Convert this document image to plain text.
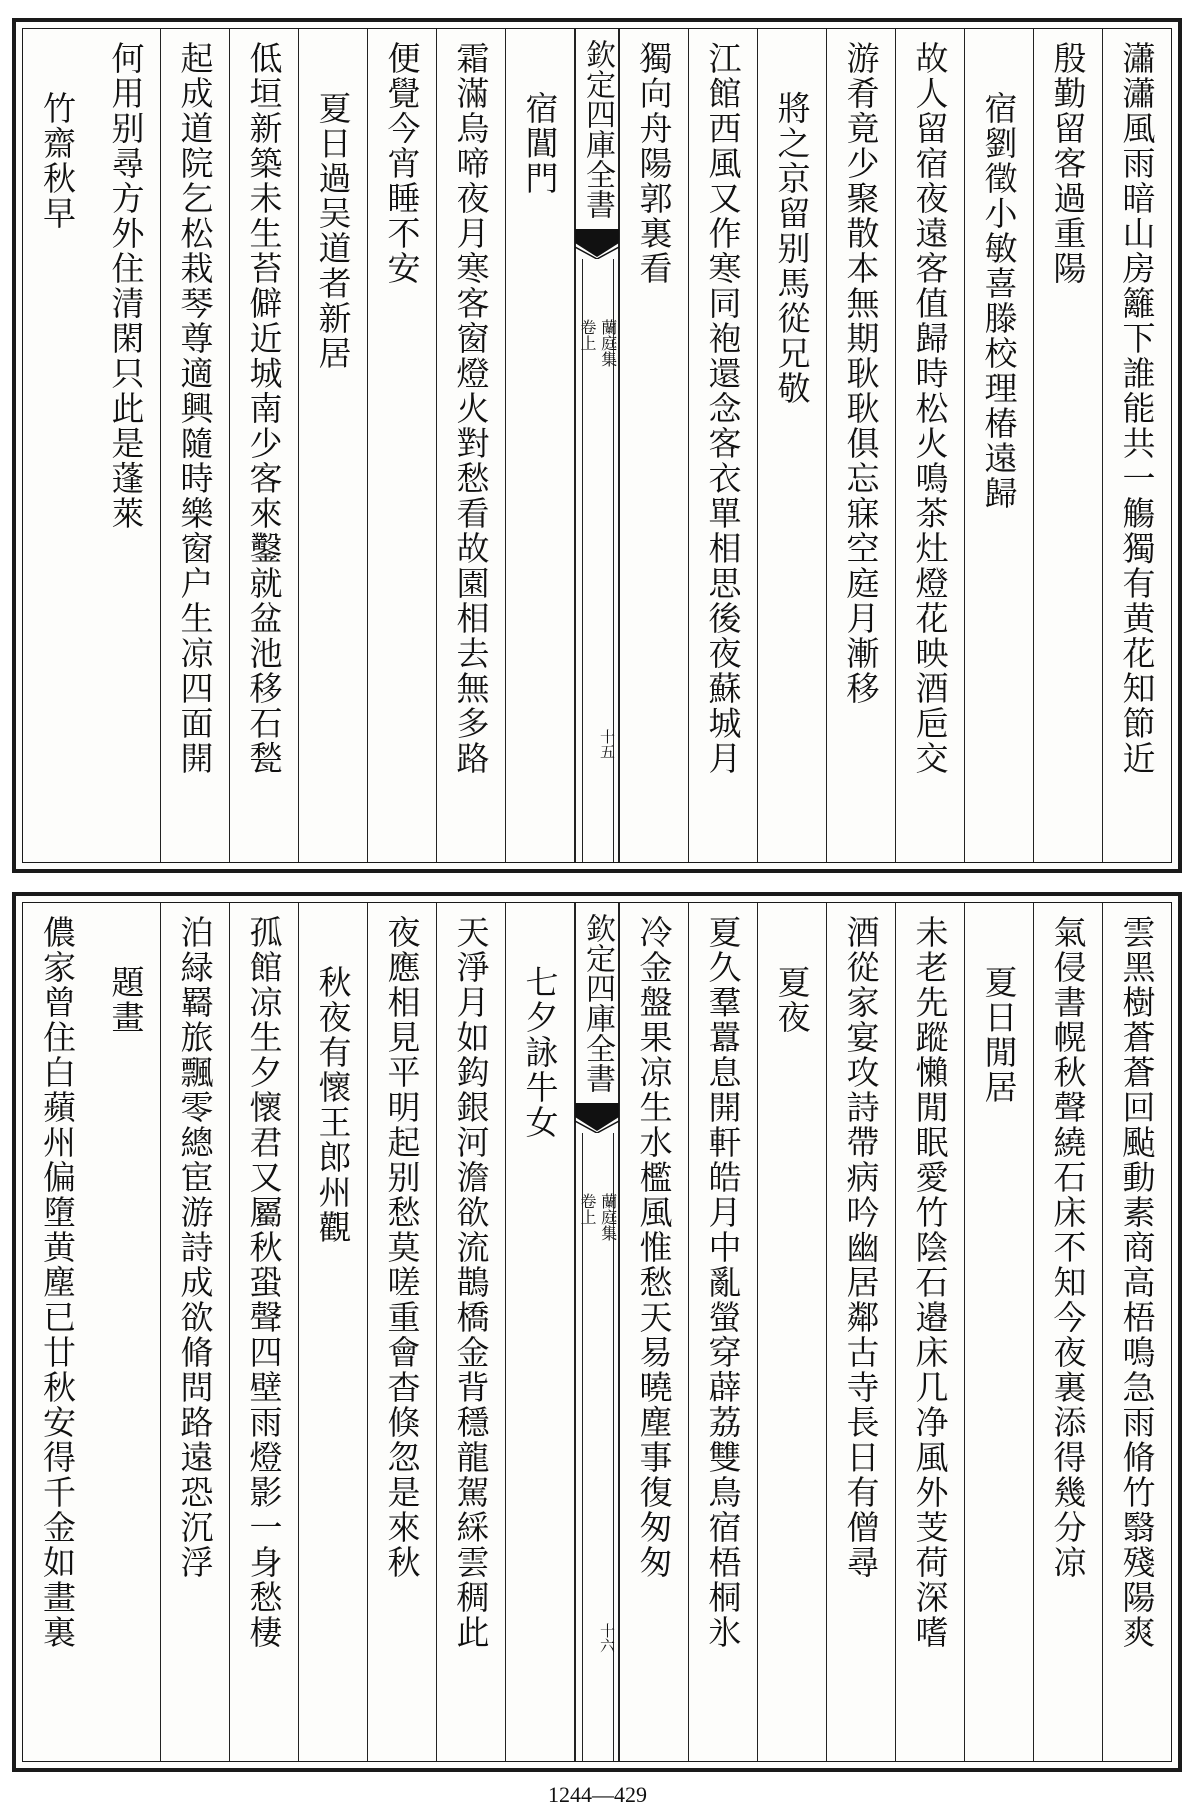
瀟瀟風雨暗山房籬下誰能共一觴獨有黄花知節近
殷勤留客過重陽
宿劉徵小敏喜滕校理椿遠歸
故人留宿夜遠客值歸時松火鳴茶灶燈花映酒巵交
游肴竟少聚散本無期耿耿俱忘寐空庭月漸移
將之京留别馬從兄敬
江館西風又作寒同袍還念客衣單相思後夜蘇城月
獨向舟陽郭裏看
欽定四庫全書
蘭庭集
卷上
十五
宿閶門
霜滿烏啼夜月寒客窗燈火對愁看故園相去無多路
便覺今宵睡不安
夏日過吴道者新居
低垣新築未生苔僻近城南少客來鑿就盆池移石甃
起成道院乞松栽琴尊適興隨時樂窗户生凉四面開
何用别尋方外住清閑只此是蓬萊
竹齋秋早
雲黑樹蒼蒼回颭動素商高梧鳴急雨脩竹翳殘陽爽
氣侵書幌秋聲繞石床不知今夜裏添得幾分凉
夏日閒居
未老先蹤懶閒眠愛竹陰石邉床几净風外芰荷深嗜
酒從家宴攻詩帶病吟幽居鄰古寺長日有僧尋
夏夜
夏久羣囂息開軒皓月中亂螢穿薜荔雙鳥宿梧桐氷
冷金盤果凉生水檻風惟愁天易曉塵事復匆匆
欽定四庫全書
蘭庭集
卷上
十六
七夕詠牛女
天淨月如鈎銀河澹欲流鵲橋金背穩龍駕綵雲稠此
夜應相見平明起别愁莫嗟重會杳倏忽是來秋
秋夜有懷王郎州觀
孤館凉生夕懷君又屬秋蛩聲四壁雨燈影一身愁棲
泊緑羇旅飄零總宦游詩成欲脩問路遠恐沉浮
題畫
儂家曾住白蘋州偏墮黄塵已廿秋安得千金如畫裏
1244—429
